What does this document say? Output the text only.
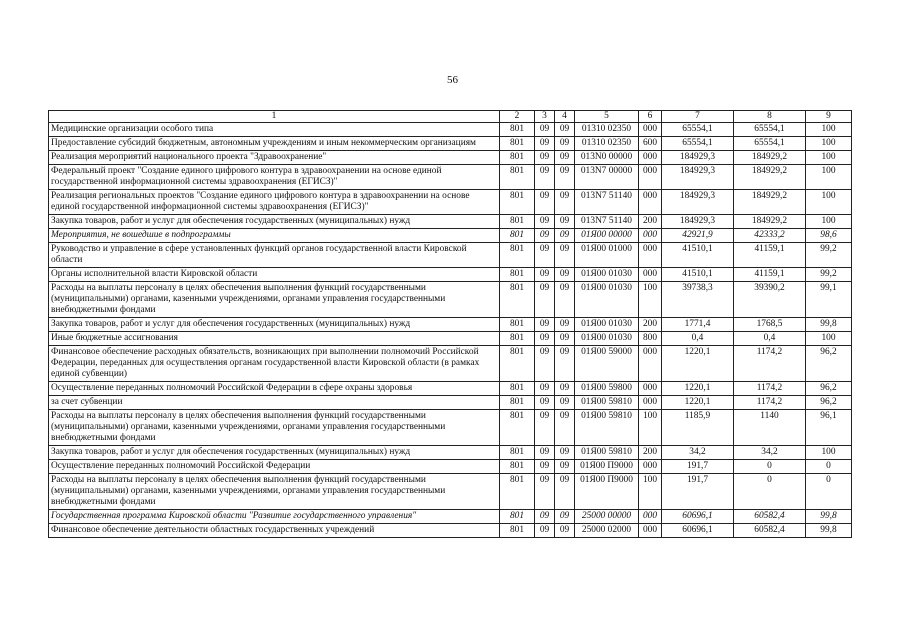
56
1	2	3	4	5	6	7	8	9
Медицинские организации особого типа	801	09	09	01310 02350	000	65554,1	65554,1	100
Предоставление субсидий бюджетным, автономным учреждениям и иным некоммерческим организациям	801	09	09	01310 02350	600	65554,1	65554,1	100
Реализация мероприятий национального проекта "Здравоохранение"	801	09	09	013N0 00000	000	184929,3	184929,2	100
Федеральный проект "Создание единого цифрового контура в здравоохранении на основе единой государственной информационной системы здравоохранения (ЕГИСЗ)"	801	09	09	013N7 00000	000	184929,3	184929,2	100
Реализация региональных проектов "Создание единого цифрового контура в здравоохранении на основе единой государственной информационной системы здравоохранения (ЕГИСЗ)"	801	09	09	013N7 51140	000	184929,3	184929,2	100
Закупка товаров, работ и услуг для обеспечения государственных (муниципальных) нужд	801	09	09	013N7 51140	200	184929,3	184929,2	100
Мероприятия, не вошедшие в подпрограммы	801	09	09	01Я00 00000	000	42921,9	42333,2	98,6
Руководство и управление в сфере установленных функций органов государственной власти Кировской области	801	09	09	01Я00 01000	000	41510,1	41159,1	99,2
Органы исполнительной власти Кировской области	801	09	09	01Я00 01030	000	41510,1	41159,1	99,2
Расходы на выплаты персоналу в целях обеспечения выполнения функций государственными (муниципальными) органами, казенными учреждениями, органами управления государственными внебюджетными фондами	801	09	09	01Я00 01030	100	39738,3	39390,2	99,1
Закупка товаров, работ и услуг для обеспечения государственных (муниципальных) нужд	801	09	09	01Я00 01030	200	1771,4	1768,5	99,8
Иные бюджетные ассигнования	801	09	09	01Я00 01030	800	0,4	0,4	100
Финансовое обеспечение расходных обязательств, возникающих при выполнении полномочий Российской Федерации, переданных для осуществления органам государственной власти Кировской области (в рамках единой субвенции)	801	09	09	01Я00 59000	000	1220,1	1174,2	96,2
Осуществление переданных полномочий Российской Федерации в сфере охраны здоровья	801	09	09	01Я00 59800	000	1220,1	1174,2	96,2
за счет субвенции	801	09	09	01Я00 59810	000	1220,1	1174,2	96,2
Расходы на выплаты персоналу в целях обеспечения выполнения функций государственными (муниципальными) органами, казенными учреждениями, органами управления государственными внебюджетными фондами	801	09	09	01Я00 59810	100	1185,9	1140	96,1
Закупка товаров, работ и услуг для обеспечения государственных (муниципальных) нужд	801	09	09	01Я00 59810	200	34,2	34,2	100
Осуществление переданных полномочий Российской Федерации	801	09	09	01Я00 П9000	000	191,7	0	0
Расходы на выплаты персоналу в целях обеспечения выполнения функций государственными (муниципальными) органами, казенными учреждениями, органами управления государственными внебюджетными фондами	801	09	09	01Я00 П9000	100	191,7	0	0
Государственная программа Кировской области "Развитие государственного управления"	801	09	09	25000 00000	000	60696,1	60582,4	99,8
Финансовое обеспечение деятельности областных государственных учреждений	801	09	09	25000 02000	000	60696,1	60582,4	99,8
